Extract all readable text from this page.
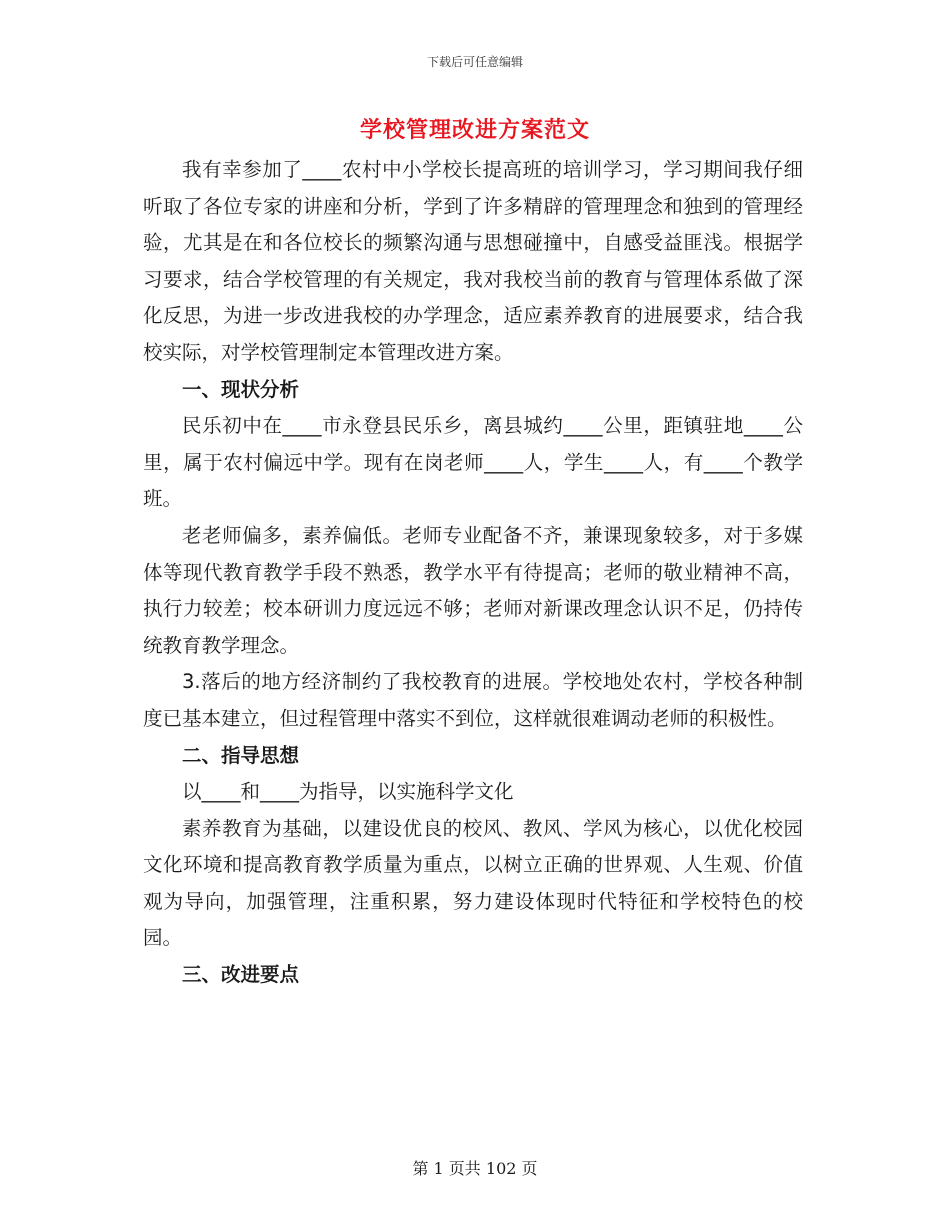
下载后可任意编辑
学校管理改进方案范文

我有幸参加了____农村中小学校长提高班的培训学习，学习期间我仔细听取了各位专家的讲座和分析，学到了许多精辟的管理理念和独到的管理经验，尤其是在和各位校长的频繁沟通与思想碰撞中，自感受益匪浅。根据学习要求，结合学校管理的有关规定，我对我校当前的教育与管理体系做了深化反思，为进一步改进我校的办学理念，适应素养教育的进展要求，结合我校实际，对学校管理制定本管理改进方案。

一、现状分析

民乐初中在____市永登县民乐乡，离县城约____公里，距镇驻地____公里，属于农村偏远中学。现有在岗老师____人，学生____人，有____个教学班。

老老师偏多，素养偏低。老师专业配备不齐，兼课现象较多，对于多媒体等现代教育教学手段不熟悉，教学水平有待提高；老师的敬业精神不高，执行力较差；校本研训力度远远不够；老师对新课改理念认识不足，仍持传统教育教学理念。

3.落后的地方经济制约了我校教育的进展。学校地处农村，学校各种制度已基本建立，但过程管理中落实不到位，这样就很难调动老师的积极性。

二、指导思想

以____和____为指导，以实施科学文化

素养教育为基础，以建设优良的校风、教风、学风为核心，以优化校园文化环境和提高教育教学质量为重点，以树立正确的世界观、人生观、价值观为导向，加强管理，注重积累，努力建设体现时代特征和学校特色的校园。

三、改进要点

第 1 页共 102 页
